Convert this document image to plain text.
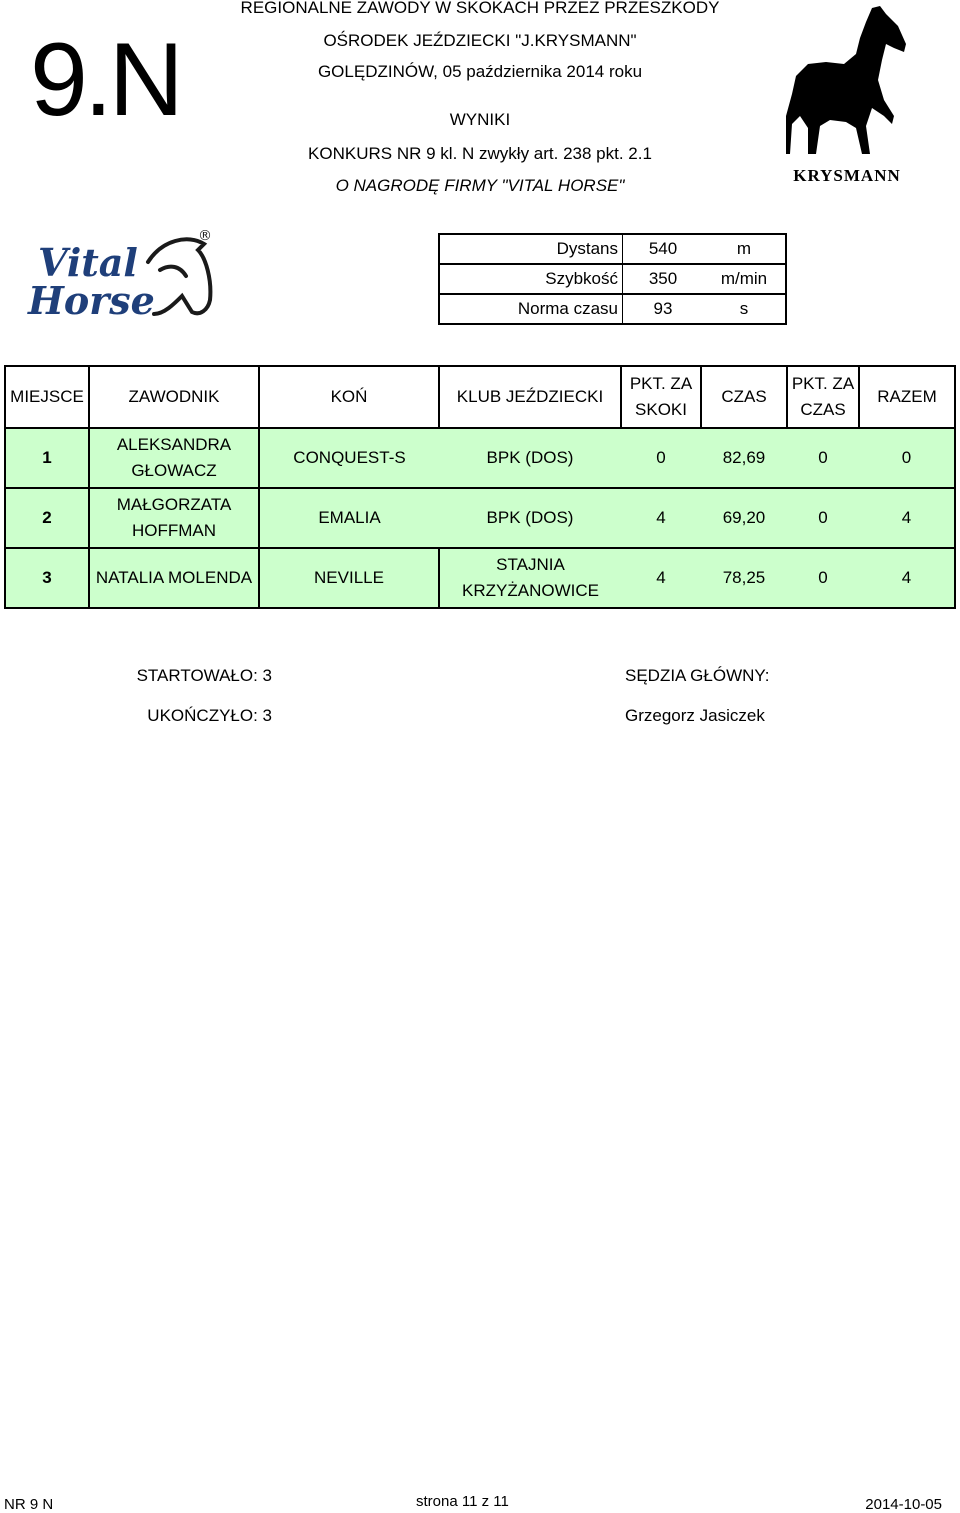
9.N
REGIONALNE ZAWODY W SKOKACH PRZEZ PRZESZKODY
OŚRODEK JEŹDZIECKI "J.KRYSMANN"
GOLĘDZINÓW, 05 października 2014 roku
WYNIKI
KONKURS NR 9 kl. N zwykły art. 238 pkt. 2.1
O NAGRODĘ FIRMY "VITAL HORSE"
KRYSMANN
Vital
Horse
®
Dystans	540	m
Szybkość	350	m/min
Norma czasu	93	s
MIEJSCE	ZAWODNIK	KOŃ	KLUB JEŹDZIECKI	PKT. ZA SKOKI	CZAS	PKT. ZA CZAS	RAZEM
1	ALEKSANDRA GŁOWACZ	CONQUEST-S	BPK (DOS)	0	82,69	0	0
2	MAŁGORZATA HOFFMAN	EMALIA	BPK (DOS)	4	69,20	0	4
3	NATALIA MOLENDA	NEVILLE	STAJNIA KRZYŻANOWICE	4	78,25	0	4
STARTOWAŁO: 3
UKOŃCZYŁO: 3
SĘDZIA GŁÓWNY:
Grzegorz Jasiczek
NR 9 N	strona 11 z 11	2014-10-05
